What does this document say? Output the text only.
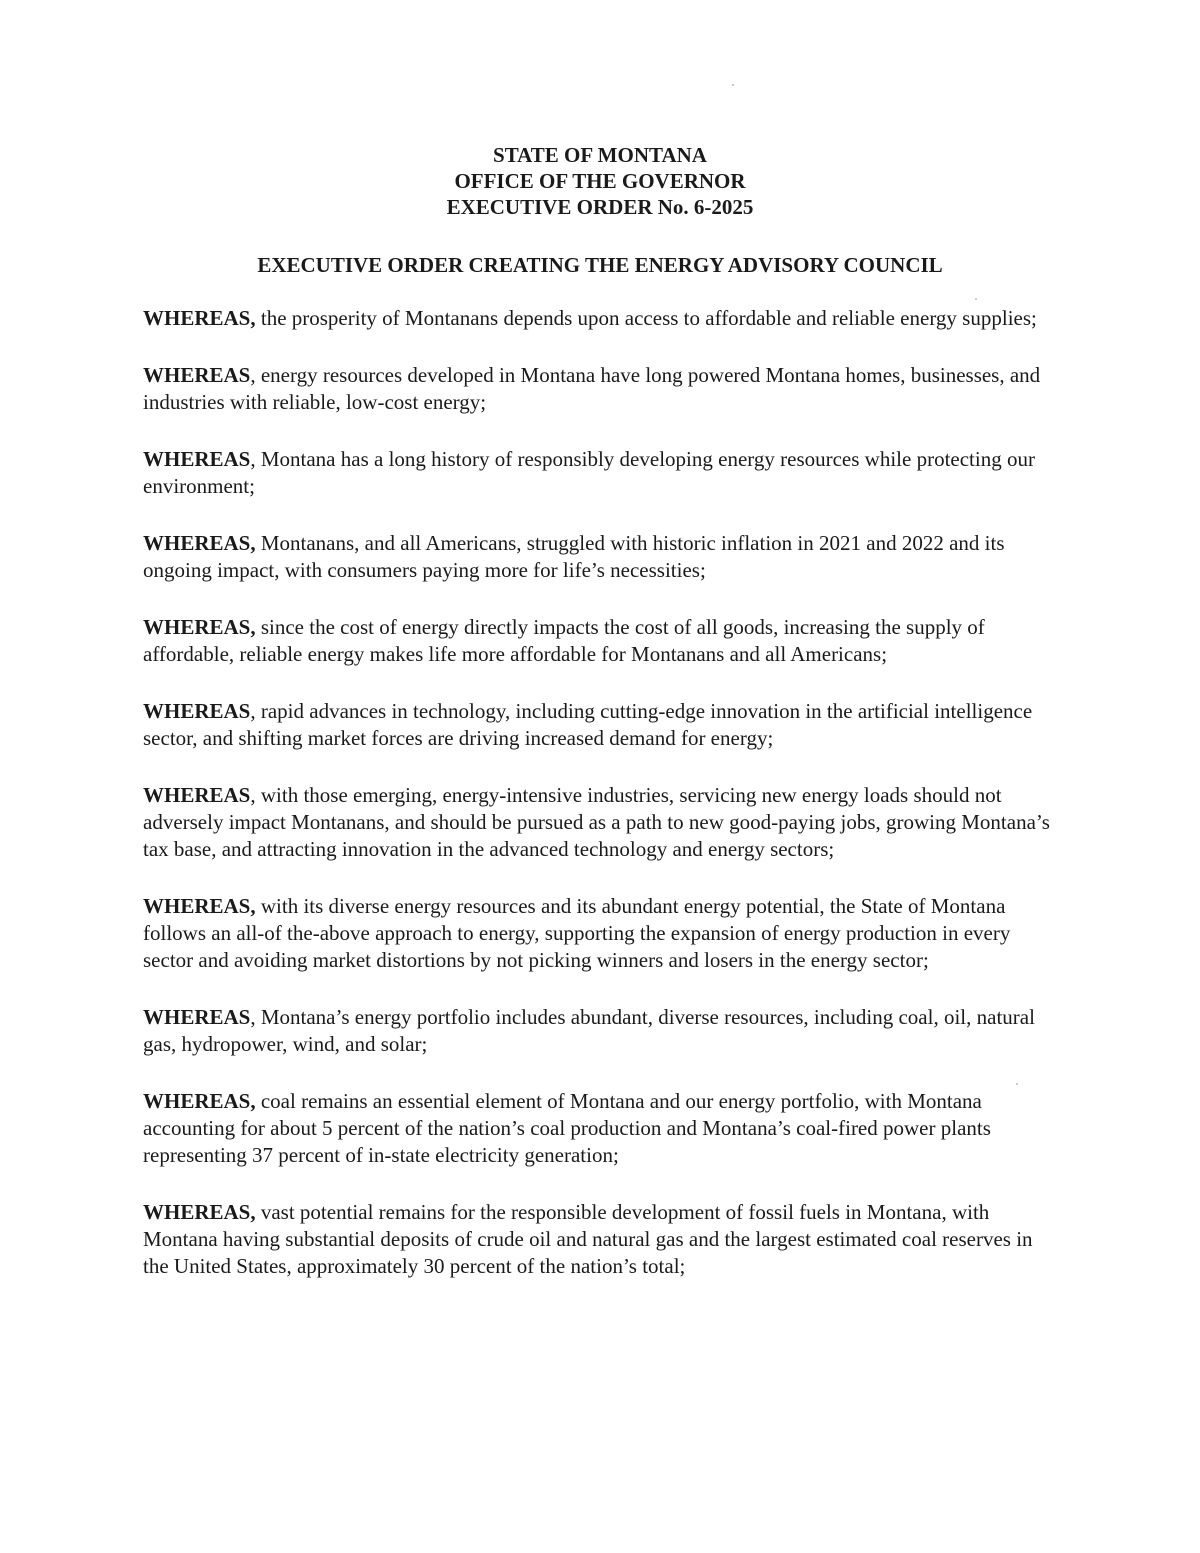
STATE OF MONTANA
OFFICE OF THE GOVERNOR
EXECUTIVE ORDER No. 6-2025
EXECUTIVE ORDER CREATING THE ENERGY ADVISORY COUNCIL

WHEREAS, the prosperity of Montanans depends upon access to affordable and reliable energy supplies;

WHEREAS, energy resources developed in Montana have long powered Montana homes, businesses, and industries with reliable, low-cost energy;

WHEREAS, Montana has a long history of responsibly developing energy resources while protecting our environment;

WHEREAS, Montanans, and all Americans, struggled with historic inflation in 2021 and 2022 and its ongoing impact, with consumers paying more for life’s necessities;

WHEREAS, since the cost of energy directly impacts the cost of all goods, increasing the supply of affordable, reliable energy makes life more affordable for Montanans and all Americans;

WHEREAS, rapid advances in technology, including cutting-edge innovation in the artificial intelligence sector, and shifting market forces are driving increased demand for energy;

WHEREAS, with those emerging, energy-intensive industries, servicing new energy loads should not adversely impact Montanans, and should be pursued as a path to new good-paying jobs, growing Montana’s tax base, and attracting innovation in the advanced technology and energy sectors;

WHEREAS, with its diverse energy resources and its abundant energy potential, the State of Montana follows an all-of the-above approach to energy, supporting the expansion of energy production in every sector and avoiding market distortions by not picking winners and losers in the energy sector;

WHEREAS, Montana’s energy portfolio includes abundant, diverse resources, including coal, oil, natural gas, hydropower, wind, and solar;

WHEREAS, coal remains an essential element of Montana and our energy portfolio, with Montana accounting for about 5 percent of the nation’s coal production and Montana’s coal-fired power plants representing 37 percent of in-state electricity generation;

WHEREAS, vast potential remains for the responsible development of fossil fuels in Montana, with Montana having substantial deposits of crude oil and natural gas and the largest estimated coal reserves in the United States, approximately 30 percent of the nation’s total;
